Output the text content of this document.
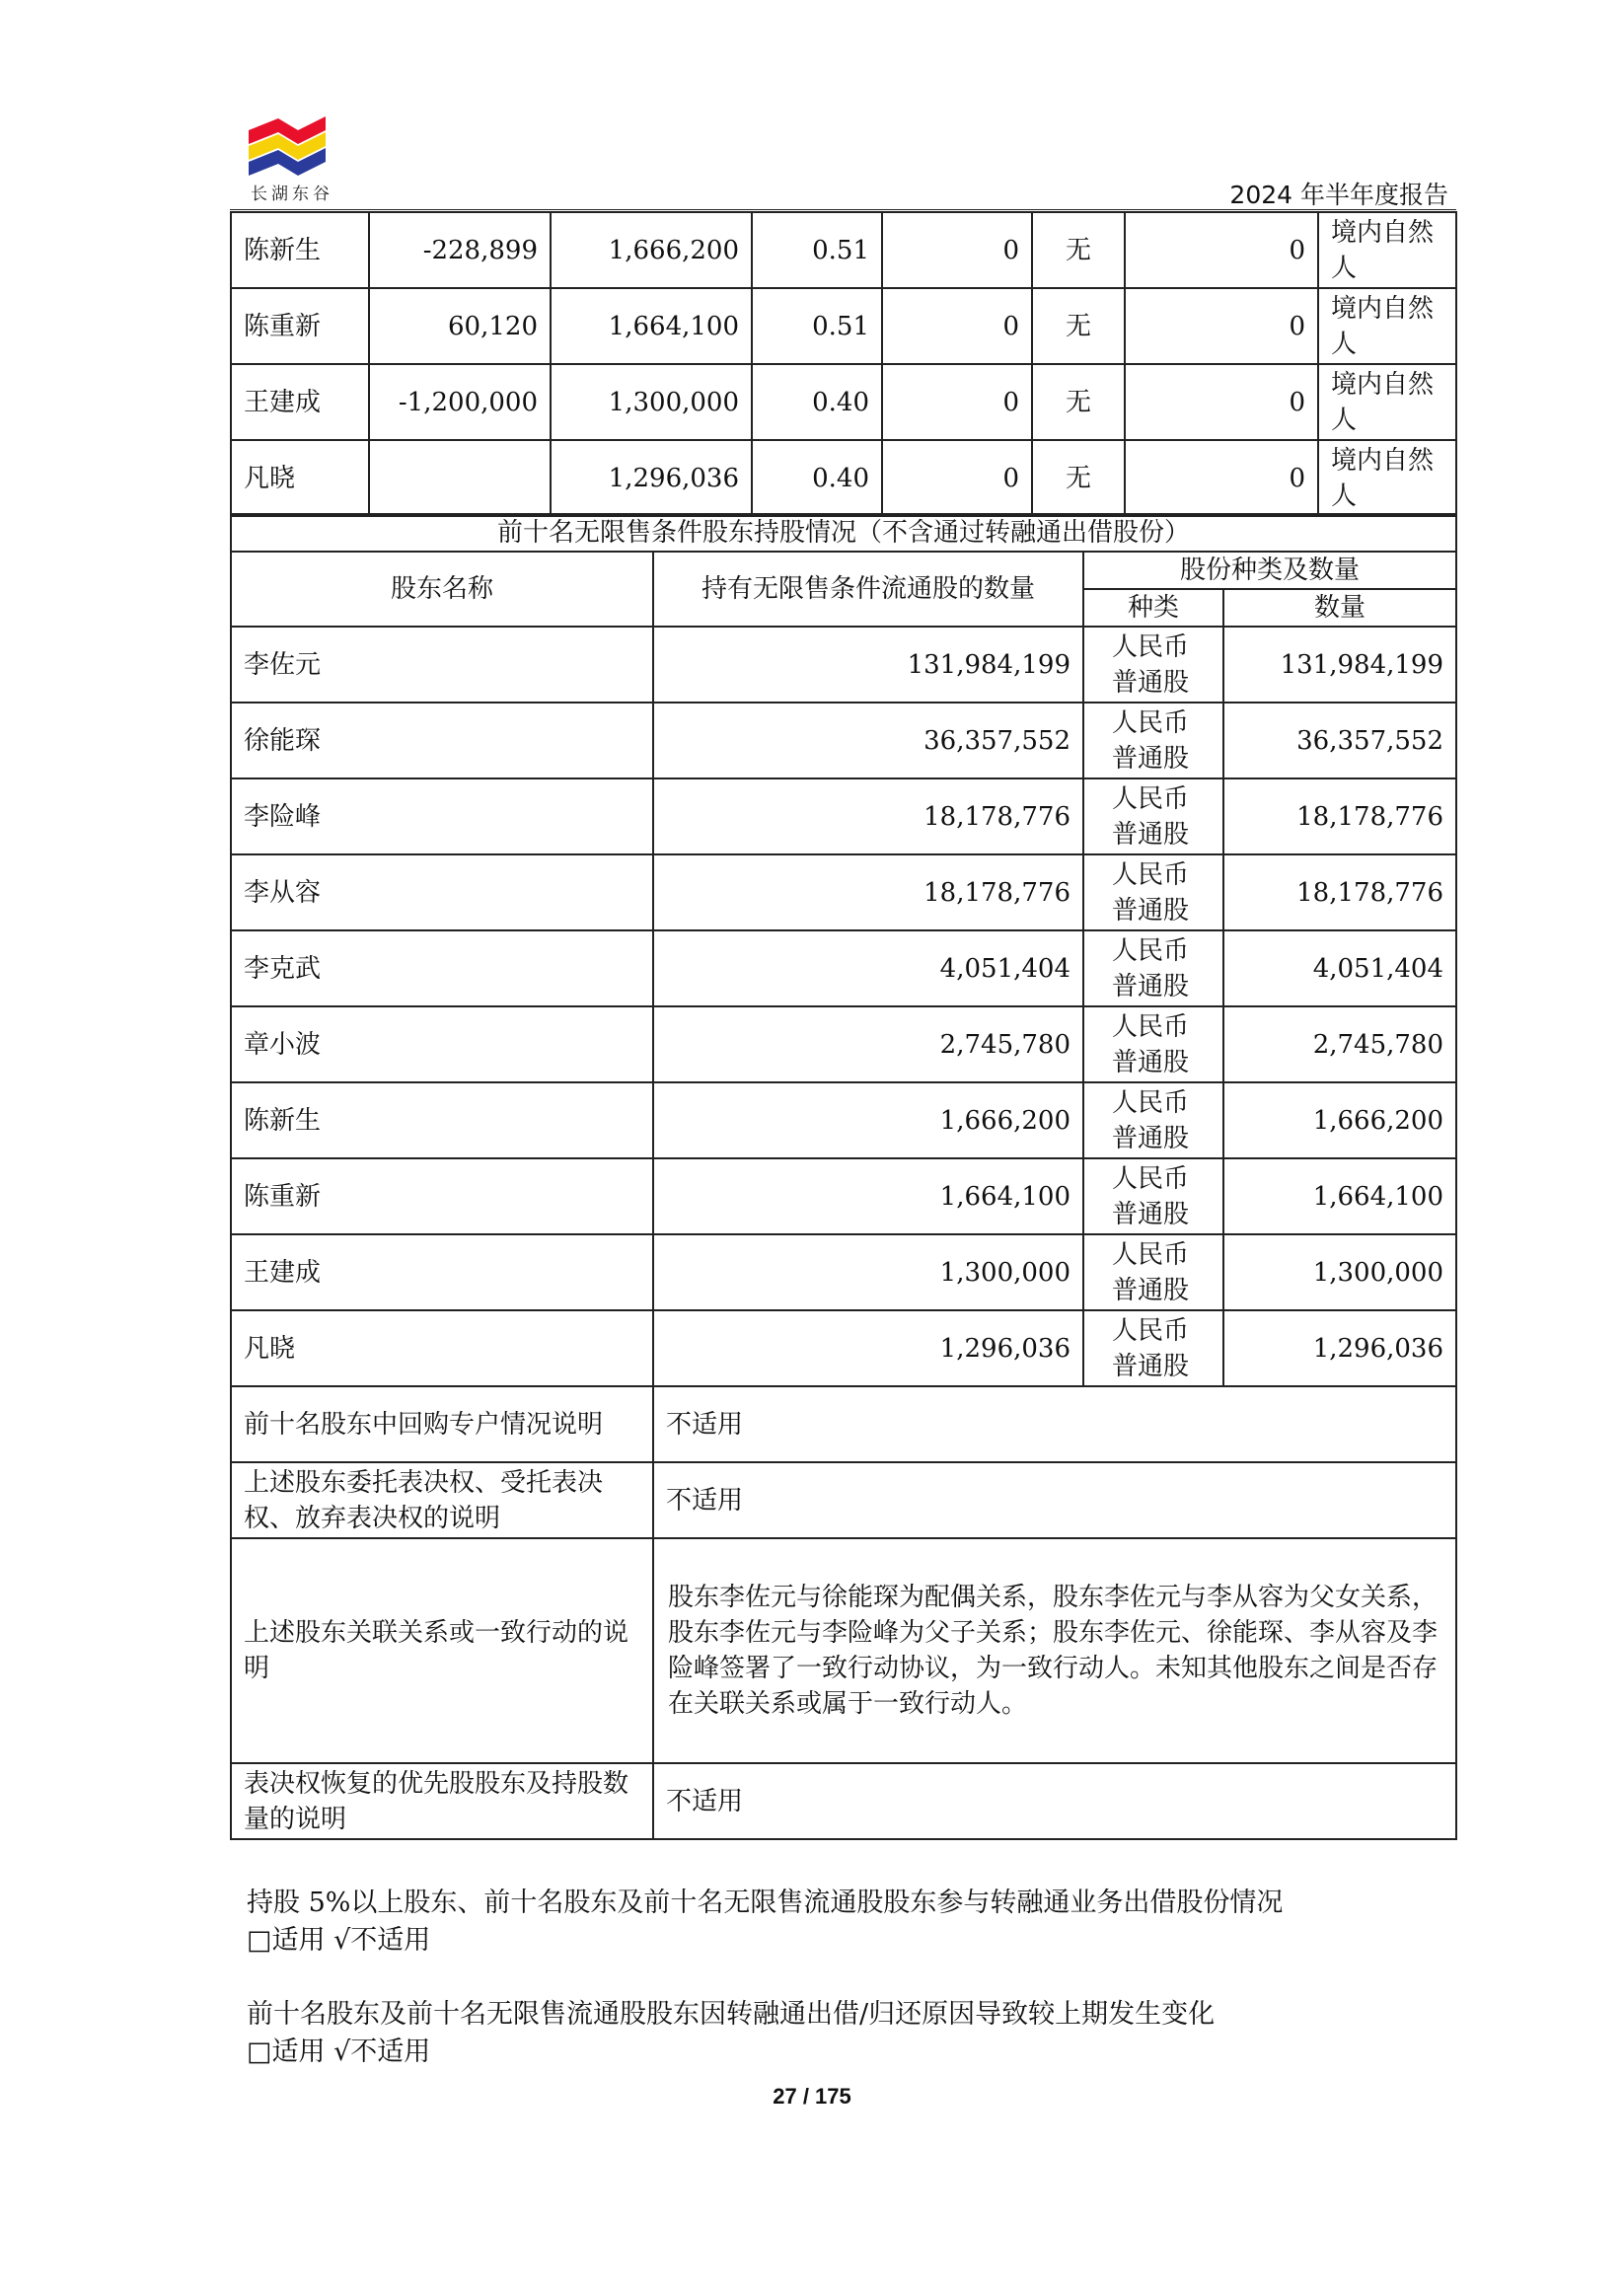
长湖东谷	2024 年半年度报告
陈新生	-228,899	1,666,200	0.51	0	无	0	境内自然人
陈重新	60,120	1,664,100	0.51	0	无	0	境内自然人
王建成	-1,200,000	1,300,000	0.40	0	无	0	境内自然人
凡晓		1,296,036	0.40	0	无	0	境内自然人
前十名无限售条件股东持股情况（不含通过转融通出借股份）			
股东名称	持有无限售条件流通股的数量	股份种类及数量	
		种类	数量
李佐元	131,984,199	人民币普通股	131,984,199
徐能琛	36,357,552	人民币普通股	36,357,552
李险峰	18,178,776	人民币普通股	18,178,776
李从容	18,178,776	人民币普通股	18,178,776
李克武	4,051,404	人民币普通股	4,051,404
章小波	2,745,780	人民币普通股	2,745,780
陈新生	1,666,200	人民币普通股	1,666,200
陈重新	1,664,100	人民币普通股	1,664,100
王建成	1,300,000	人民币普通股	1,300,000
凡晓	1,296,036	人民币普通股	1,296,036
前十名股东中回购专户情况说明	不适用		
上述股东委托表决权、受托表决权、放弃表决权的说明	不适用		
上述股东关联关系或一致行动的说明	股东李佐元与徐能琛为配偶关系，股东李佐元与李从容为父女关系，股东李佐元与李险峰为父子关系；股东李佐元、徐能琛、李从容及李险峰签署了一致行动协议，为一致行动人。未知其他股东之间是否存在关联关系或属于一致行动人。		
表决权恢复的优先股股东及持股数量的说明	不适用		
持股 5%以上股东、前十名股东及前十名无限售流通股股东参与转融通业务出借股份情况
□适用 √不适用
前十名股东及前十名无限售流通股股东因转融通出借/归还原因导致较上期发生变化
□适用 √不适用
27 / 175
